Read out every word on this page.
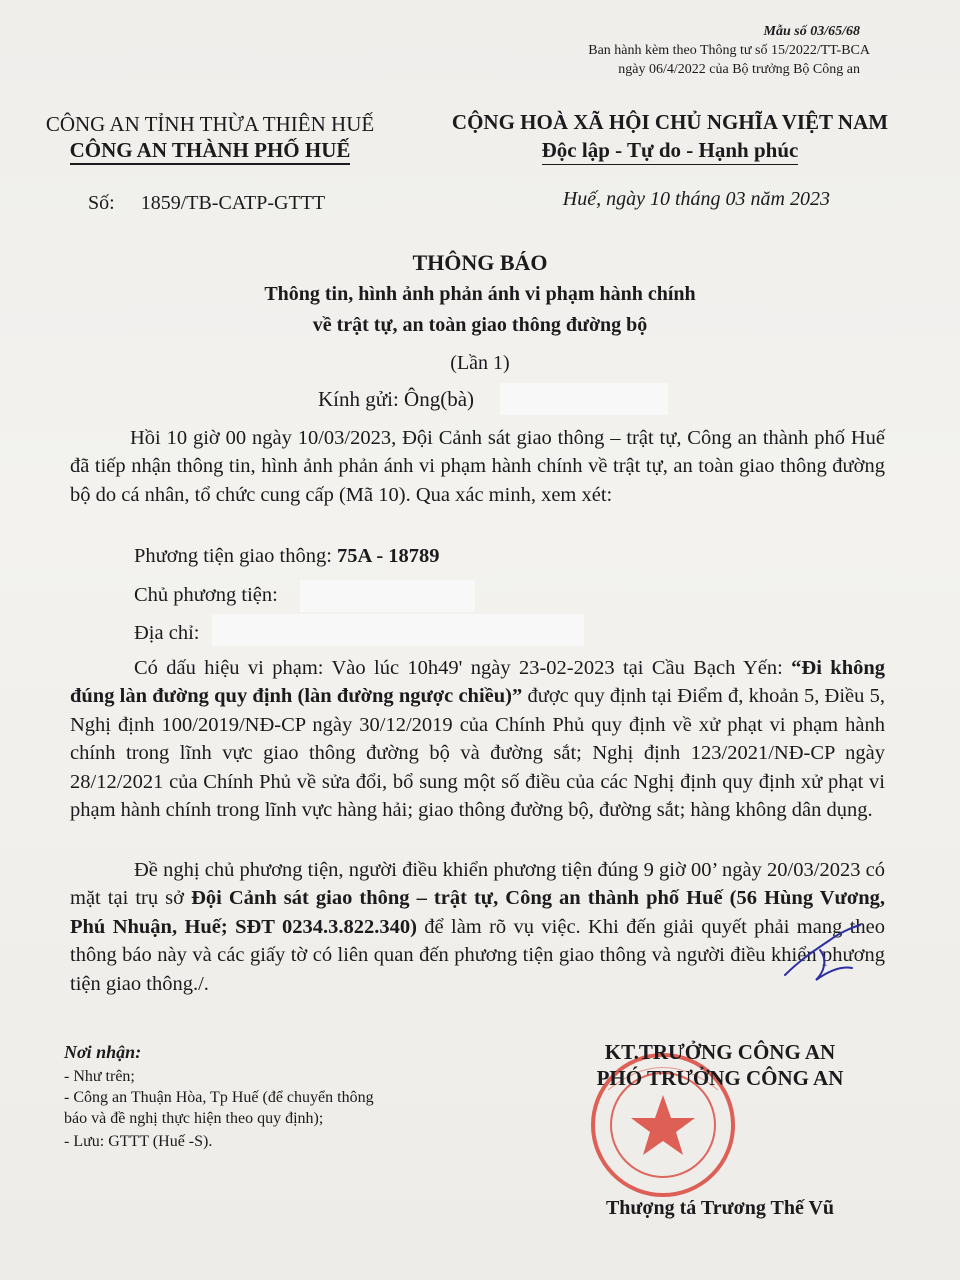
Mẫu số 03/65/68
Ban hành kèm theo Thông tư số 15/2022/TT-BCA
ngày 06/4/2022 của Bộ trưởng Bộ Công an
CÔNG AN TỈNH THỪA THIÊN HUẾ
CÔNG AN THÀNH PHỐ HUẾ
CỘNG HOÀ XÃ HỘI CHỦ NGHĨA VIỆT NAM
Độc lập - Tự do - Hạnh phúc
Số: 1859/TB-CATP-GTTT	Huế, ngày 10 tháng 03 năm 2023
THÔNG BÁO
Thông tin, hình ảnh phản ánh vi phạm hành chính
về trật tự, an toàn giao thông đường bộ
(Lần 1)
Kính gửi: Ông(bà)
Hồi 10 giờ 00 ngày 10/03/2023, Đội Cảnh sát giao thông – trật tự, Công an thành phố Huế đã tiếp nhận thông tin, hình ảnh phản ánh vi phạm hành chính về trật tự, an toàn giao thông đường bộ do cá nhân, tổ chức cung cấp (Mã 10). Qua xác minh, xem xét:
Phương tiện giao thông: 75A - 18789
Chủ phương tiện:
Địa chỉ:
Có dấu hiệu vi phạm: Vào lúc 10h49' ngày 23-02-2023 tại Cầu Bạch Yến: “Đi không đúng làn đường quy định (làn đường ngược chiều)” được quy định tại Điểm đ, khoản 5, Điều 5, Nghị định 100/2019/NĐ-CP ngày 30/12/2019 của Chính Phủ quy định về xử phạt vi phạm hành chính trong lĩnh vực giao thông đường bộ và đường sắt; Nghị định 123/2021/NĐ-CP ngày 28/12/2021 của Chính Phủ về sửa đổi, bổ sung một số điều của các Nghị định quy định xử phạt vi phạm hành chính trong lĩnh vực hàng hải; giao thông đường bộ, đường sắt; hàng không dân dụng.
Đề nghị chủ phương tiện, người điều khiển phương tiện đúng 9 giờ 00’ ngày 20/03/2023 có mặt tại trụ sở Đội Cảnh sát giao thông – trật tự, Công an thành phố Huế (56 Hùng Vương, Phú Nhuận, Huế; SĐT 0234.3.822.340) để làm rõ vụ việc. Khi đến giải quyết phải mang theo thông báo này và các giấy tờ có liên quan đến phương tiện giao thông và người điều khiển phương tiện giao thông./.
Nơi nhận:
- Như trên;
- Công an Thuận Hòa, Tp Huế (để chuyển thông
báo và đề nghị thực hiện theo quy định);
- Lưu: GTTT (Huế -S).
KT.TRƯỞNG CÔNG AN
PHÓ TRƯỞNG CÔNG AN
Thượng tá Trương Thế Vũ
